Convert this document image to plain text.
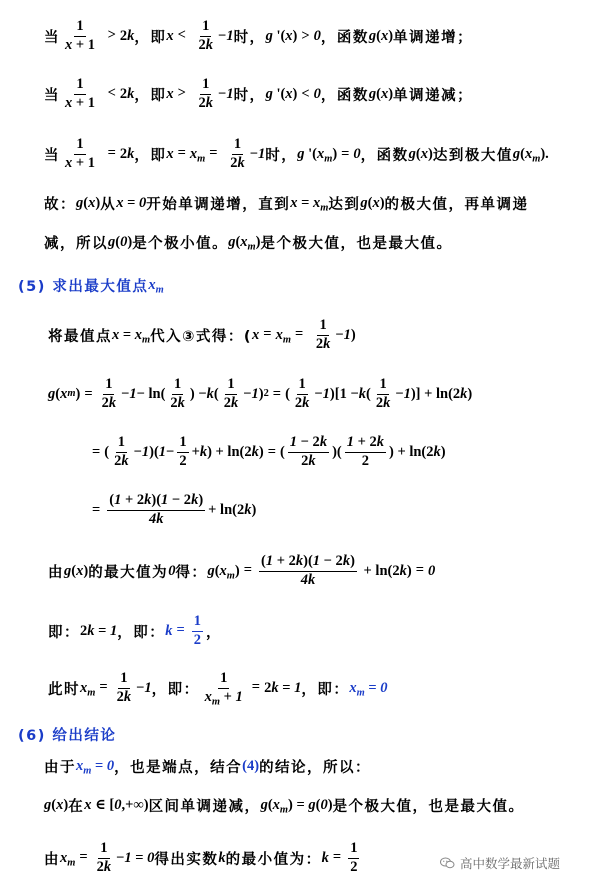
当 $\frac{1}{x + 1} > 2k$ ，即 $x < \frac{1}{2k} -1$ 时， g '(x) > 0 ，函数 g(x) 单调递增；
当 $\frac{1}{x + 1} < 2k$ ，即 $x > \frac{1}{2k} -1$ 时， g '(x) < 0 ，函数 g(x) 单调递减；
当 $\frac{1}{x + 1} = 2k$ ，即 $x = x_m = \frac{1}{2k} -1$ 时， g '$(x_m) = 0$ ，函数 g(x) 达到极大值 $g(x_m)$.
故： g(x) 从 x = 0 开始单调递增，直到 $x = x_m$ 达到 g(x) 的极大值，再单调递
减，所以 g(0) 是个极小值。 $g(x_m)$ 是个极大值，也是最大值。
(5) 求出最大值点 $x_m$
将最值点 $x = x_m$ 代入③式得：( $x = x_m = \frac{1}{2k} -1$)
g ( x m ) = $\frac{1}{2k} - 1 - \ln( \frac{1}{2k}$ ) − k ( $\frac{1}{2k} - 1$ ) 2 = ( $\frac{1}{2k} - 1$ )[1 − k ( $\frac{1}{2k} - 1$ )] + ln(2 k )
= ( $\frac{1}{2k} - 1$ )( $1 - \frac{1}{2} + k$ ) + ln(2 k ) = ( $\frac{1 - 2k}{2k}$ )( $\frac{1 + 2k}{2}$ ) + ln(2 k )
= $\frac{(1 + 2k)(1 - 2k)}{4k} + \ln(2$ k )
由 g(x) 的最大值为 0 得： $g(x_m) = \frac{(1 + 2k)(1 - 2k)}{4k} + \ln(2k) = 0$
即： 2k = 1 ，即： $k = \frac{1}{2}$ ，
此时 $x_m = \frac{1}{2k} -1$ ，即： $\frac{1}{x_m + 1} = 2k = 1$ ，即： $x_m = 0$
(6) 给出结论
由于 $x_m = 0$ ，也是端点，结合 (4) 的结论，所以：
g(x) 在 x ∈ [0,+∞) 区间单调递减， $g(x_m) = g(0)$ 是个极大值，也是最大值。
由 $x_m = \frac{1}{2k} -1 = 0$ 得出实数 k 的最小值为： $k = \frac{1}{2}$	高中数学最新试题
